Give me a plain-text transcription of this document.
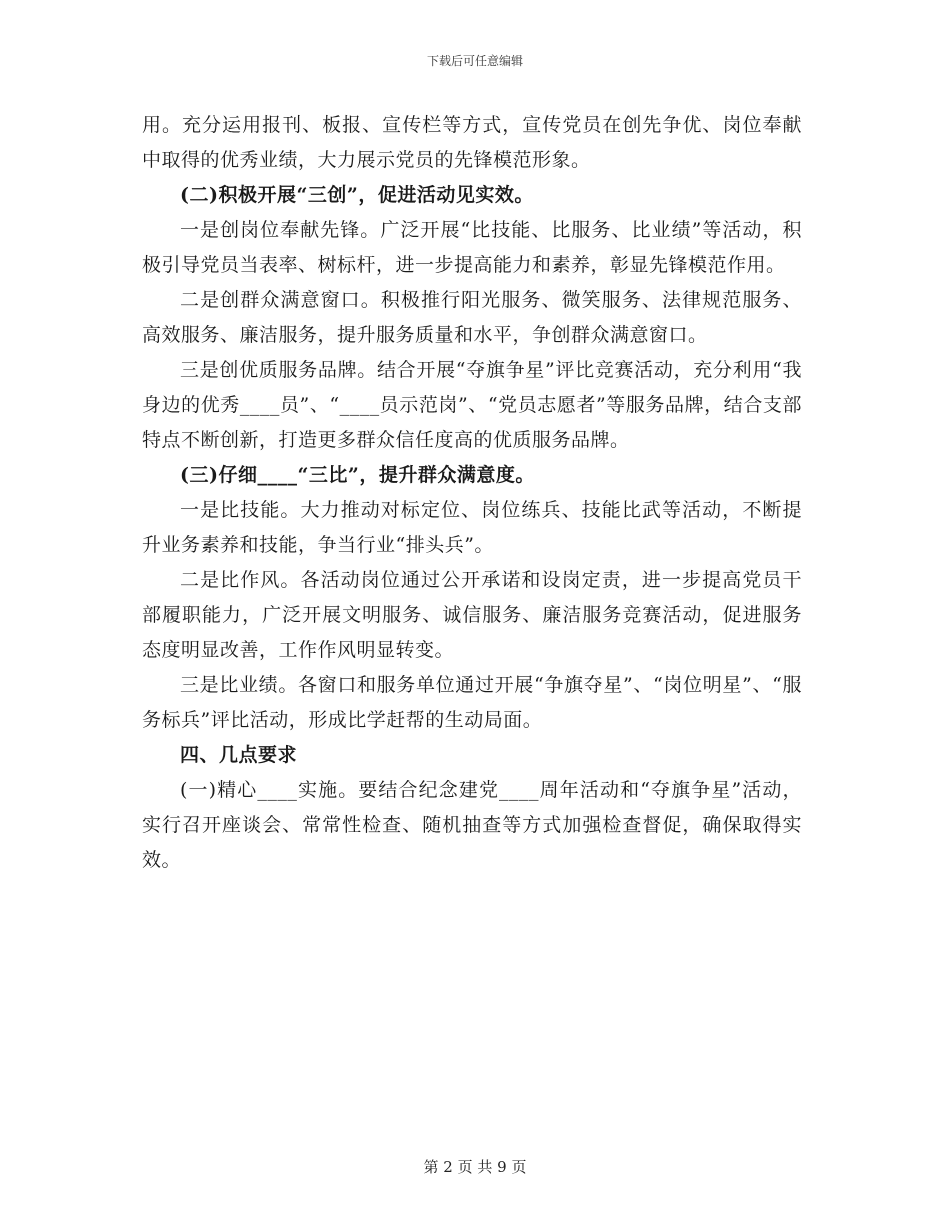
下载后可任意编辑

用。充分运用报刊、板报、宣传栏等方式，宣传党员在创先争优、岗位奉献中取得的优秀业绩，大力展示党员的先锋模范形象。

(二)积极开展“三创”，促进活动见实效。

一是创岗位奉献先锋。广泛开展“比技能、比服务、比业绩”等活动，积极引导党员当表率、树标杆，进一步提高能力和素养，彰显先锋模范作用。

二是创群众满意窗口。积极推行阳光服务、微笑服务、法律规范服务、高效服务、廉洁服务，提升服务质量和水平，争创群众满意窗口。

三是创优质服务品牌。结合开展“夺旗争星”评比竞赛活动，充分利用“我身边的优秀____员”、“____员示范岗”、“党员志愿者”等服务品牌，结合支部特点不断创新，打造更多群众信任度高的优质服务品牌。

(三)仔细____“三比”，提升群众满意度。

一是比技能。大力推动对标定位、岗位练兵、技能比武等活动，不断提升业务素养和技能，争当行业“排头兵”。

二是比作风。各活动岗位通过公开承诺和设岗定责，进一步提高党员干部履职能力，广泛开展文明服务、诚信服务、廉洁服务竞赛活动，促进服务态度明显改善，工作作风明显转变。

三是比业绩。各窗口和服务单位通过开展“争旗夺星”、“岗位明星”、“服务标兵”评比活动，形成比学赶帮的生动局面。

四、几点要求

(一)精心____实施。要结合纪念建党____周年活动和“夺旗争星”活动，实行召开座谈会、常常性检查、随机抽查等方式加强检查督促，确保取得实效。

第 2 页 共 9 页
